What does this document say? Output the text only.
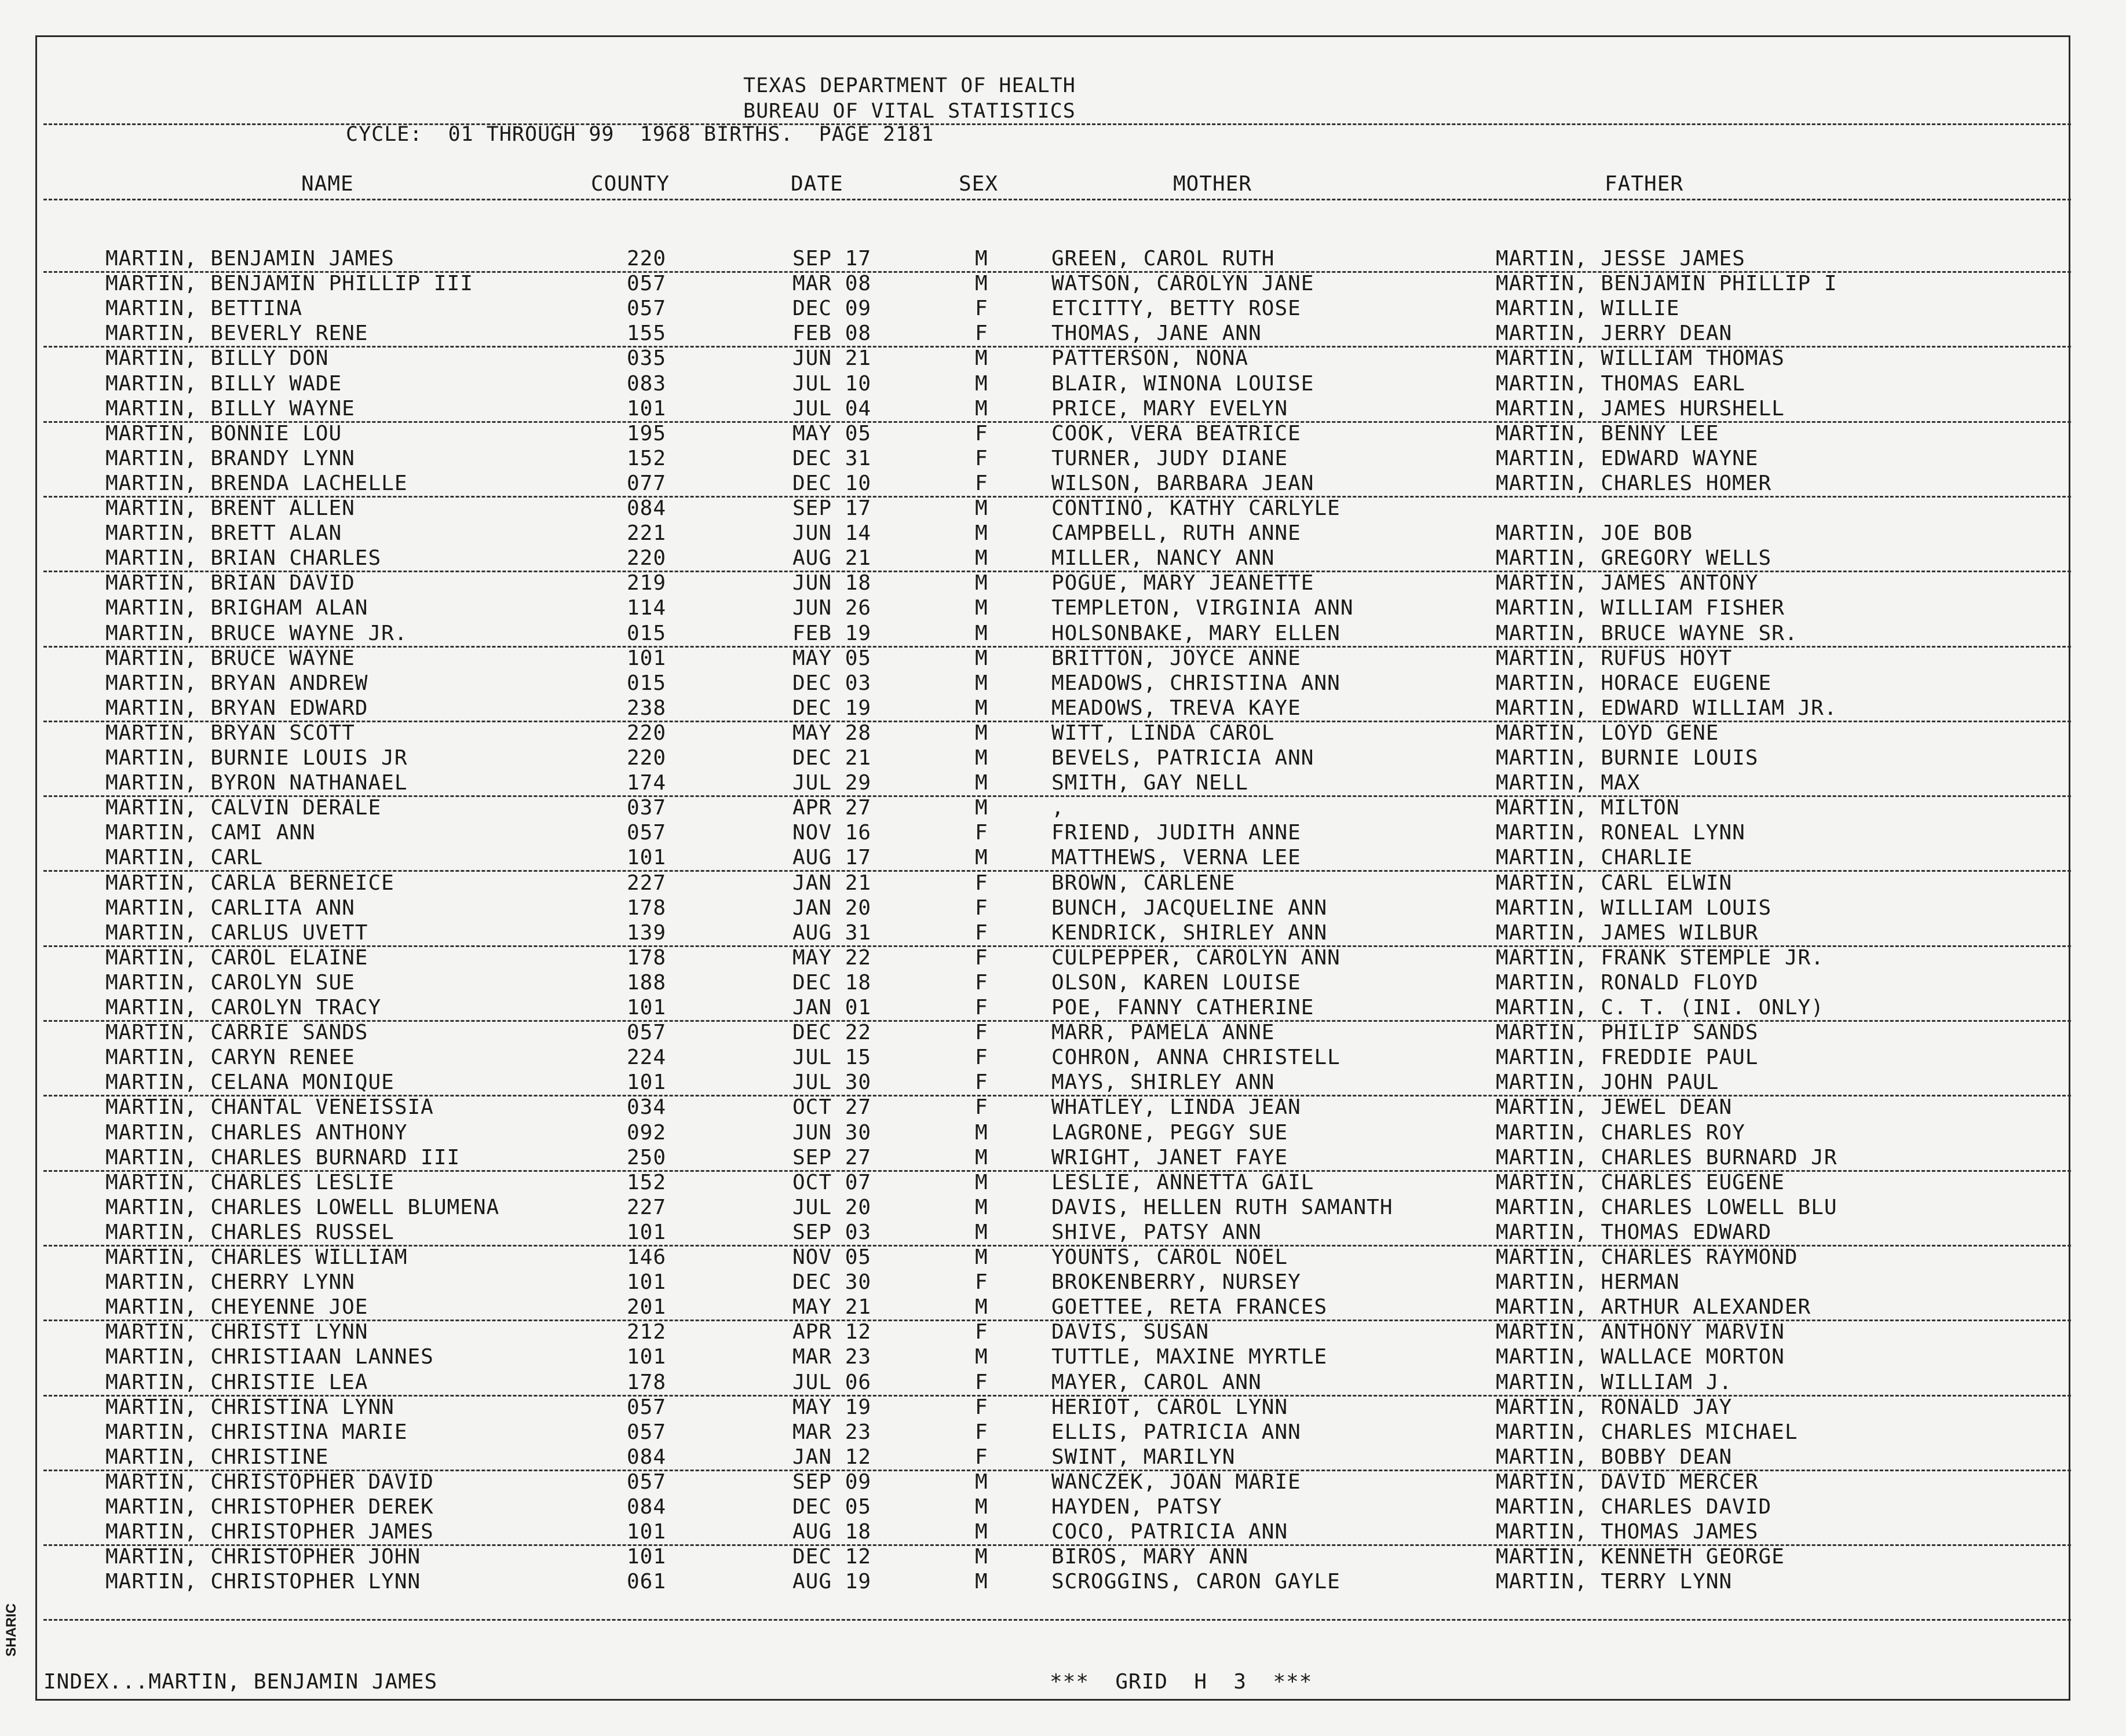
TEXAS DEPARTMENT OF HEALTH
BUREAU OF VITAL STATISTICS
CYCLE:  01 THROUGH 99  1968 BIRTHS.  PAGE 2181
NAME	COUNTY	DATE	SEX	MOTHER	FATHER
MARTIN, BENJAMIN JAMES	220	SEP 17	M	GREEN, CAROL RUTH	MARTIN, JESSE JAMES
MARTIN, BENJAMIN PHILLIP III	057	MAR 08	M	WATSON, CAROLYN JANE	MARTIN, BENJAMIN PHILLIP I
MARTIN, BETTINA	057	DEC 09	F	ETCITTY, BETTY ROSE	MARTIN, WILLIE
MARTIN, BEVERLY RENE	155	FEB 08	F	THOMAS, JANE ANN	MARTIN, JERRY DEAN
MARTIN, BILLY DON	035	JUN 21	M	PATTERSON, NONA	MARTIN, WILLIAM THOMAS
MARTIN, BILLY WADE	083	JUL 10	M	BLAIR, WINONA LOUISE	MARTIN, THOMAS EARL
MARTIN, BILLY WAYNE	101	JUL 04	M	PRICE, MARY EVELYN	MARTIN, JAMES HURSHELL
MARTIN, BONNIE LOU	195	MAY 05	F	COOK, VERA BEATRICE	MARTIN, BENNY LEE
MARTIN, BRANDY LYNN	152	DEC 31	F	TURNER, JUDY DIANE	MARTIN, EDWARD WAYNE
MARTIN, BRENDA LACHELLE	077	DEC 10	F	WILSON, BARBARA JEAN	MARTIN, CHARLES HOMER
MARTIN, BRENT ALLEN	084	SEP 17	M	CONTINO, KATHY CARLYLE
MARTIN, BRETT ALAN	221	JUN 14	M	CAMPBELL, RUTH ANNE	MARTIN, JOE BOB
MARTIN, BRIAN CHARLES	220	AUG 21	M	MILLER, NANCY ANN	MARTIN, GREGORY WELLS
MARTIN, BRIAN DAVID	219	JUN 18	M	POGUE, MARY JEANETTE	MARTIN, JAMES ANTONY
MARTIN, BRIGHAM ALAN	114	JUN 26	M	TEMPLETON, VIRGINIA ANN	MARTIN, WILLIAM FISHER
MARTIN, BRUCE WAYNE JR.	015	FEB 19	M	HOLSONBAKE, MARY ELLEN	MARTIN, BRUCE WAYNE SR.
MARTIN, BRUCE WAYNE	101	MAY 05	M	BRITTON, JOYCE ANNE	MARTIN, RUFUS HOYT
MARTIN, BRYAN ANDREW	015	DEC 03	M	MEADOWS, CHRISTINA ANN	MARTIN, HORACE EUGENE
MARTIN, BRYAN EDWARD	238	DEC 19	M	MEADOWS, TREVA KAYE	MARTIN, EDWARD WILLIAM JR.
MARTIN, BRYAN SCOTT	220	MAY 28	M	WITT, LINDA CAROL	MARTIN, LOYD GENE
MARTIN, BURNIE LOUIS JR	220	DEC 21	M	BEVELS, PATRICIA ANN	MARTIN, BURNIE LOUIS
MARTIN, BYRON NATHANAEL	174	JUL 29	M	SMITH, GAY NELL	MARTIN, MAX
MARTIN, CALVIN DERALE	037	APR 27	M	,	MARTIN, MILTON
MARTIN, CAMI ANN	057	NOV 16	F	FRIEND, JUDITH ANNE	MARTIN, RONEAL LYNN
MARTIN, CARL	101	AUG 17	M	MATTHEWS, VERNA LEE	MARTIN, CHARLIE
MARTIN, CARLA BERNEICE	227	JAN 21	F	BROWN, CARLENE	MARTIN, CARL ELWIN
MARTIN, CARLITA ANN	178	JAN 20	F	BUNCH, JACQUELINE ANN	MARTIN, WILLIAM LOUIS
MARTIN, CARLUS UVETT	139	AUG 31	F	KENDRICK, SHIRLEY ANN	MARTIN, JAMES WILBUR
MARTIN, CAROL ELAINE	178	MAY 22	F	CULPEPPER, CAROLYN ANN	MARTIN, FRANK STEMPLE JR.
MARTIN, CAROLYN SUE	188	DEC 18	F	OLSON, KAREN LOUISE	MARTIN, RONALD FLOYD
MARTIN, CAROLYN TRACY	101	JAN 01	F	POE, FANNY CATHERINE	MARTIN, C. T. (INI. ONLY)
MARTIN, CARRIE SANDS	057	DEC 22	F	MARR, PAMELA ANNE	MARTIN, PHILIP SANDS
MARTIN, CARYN RENEE	224	JUL 15	F	COHRON, ANNA CHRISTELL	MARTIN, FREDDIE PAUL
MARTIN, CELANA MONIQUE	101	JUL 30	F	MAYS, SHIRLEY ANN	MARTIN, JOHN PAUL
MARTIN, CHANTAL VENEISSIA	034	OCT 27	F	WHATLEY, LINDA JEAN	MARTIN, JEWEL DEAN
MARTIN, CHARLES ANTHONY	092	JUN 30	M	LAGRONE, PEGGY SUE	MARTIN, CHARLES ROY
MARTIN, CHARLES BURNARD III	250	SEP 27	M	WRIGHT, JANET FAYE	MARTIN, CHARLES BURNARD JR
MARTIN, CHARLES LESLIE	152	OCT 07	M	LESLIE, ANNETTA GAIL	MARTIN, CHARLES EUGENE
MARTIN, CHARLES LOWELL BLUMENA	227	JUL 20	M	DAVIS, HELLEN RUTH SAMANTH	MARTIN, CHARLES LOWELL BLU
MARTIN, CHARLES RUSSEL	101	SEP 03	M	SHIVE, PATSY ANN	MARTIN, THOMAS EDWARD
MARTIN, CHARLES WILLIAM	146	NOV 05	M	YOUNTS, CAROL NOEL	MARTIN, CHARLES RAYMOND
MARTIN, CHERRY LYNN	101	DEC 30	F	BROKENBERRY, NURSEY	MARTIN, HERMAN
MARTIN, CHEYENNE JOE	201	MAY 21	M	GOETTEE, RETA FRANCES	MARTIN, ARTHUR ALEXANDER
MARTIN, CHRISTI LYNN	212	APR 12	F	DAVIS, SUSAN	MARTIN, ANTHONY MARVIN
MARTIN, CHRISTIAAN LANNES	101	MAR 23	M	TUTTLE, MAXINE MYRTLE	MARTIN, WALLACE MORTON
MARTIN, CHRISTIE LEA	178	JUL 06	F	MAYER, CAROL ANN	MARTIN, WILLIAM J.
MARTIN, CHRISTINA LYNN	057	MAY 19	F	HERIOT, CAROL LYNN	MARTIN, RONALD JAY
MARTIN, CHRISTINA MARIE	057	MAR 23	F	ELLIS, PATRICIA ANN	MARTIN, CHARLES MICHAEL
MARTIN, CHRISTINE	084	JAN 12	F	SWINT, MARILYN	MARTIN, BOBBY DEAN
MARTIN, CHRISTOPHER DAVID	057	SEP 09	M	WANCZEK, JOAN MARIE	MARTIN, DAVID MERCER
MARTIN, CHRISTOPHER DEREK	084	DEC 05	M	HAYDEN, PATSY	MARTIN, CHARLES DAVID
MARTIN, CHRISTOPHER JAMES	101	AUG 18	M	COCO, PATRICIA ANN	MARTIN, THOMAS JAMES
MARTIN, CHRISTOPHER JOHN	101	DEC 12	M	BIROS, MARY ANN	MARTIN, KENNETH GEORGE
MARTIN, CHRISTOPHER LYNN	061	AUG 19	M	SCROGGINS, CARON GAYLE	MARTIN, TERRY LYNN
INDEX...MARTIN, BENJAMIN JAMES	***  GRID  H  3  ***
SHARIC
